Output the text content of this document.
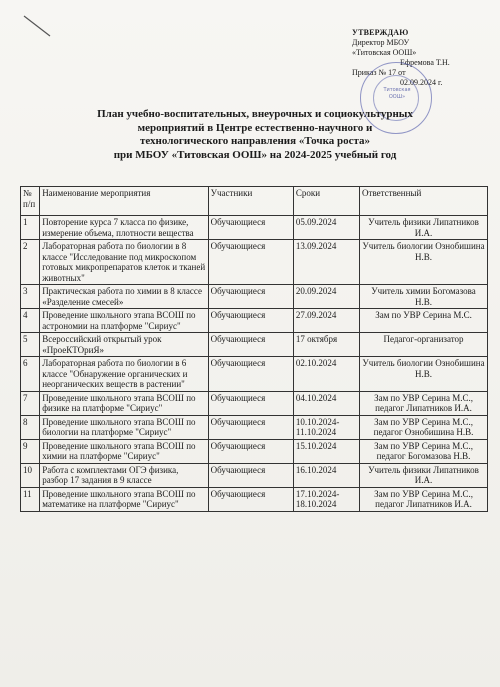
УТВЕРЖДАЮ
Директор МБОУ
«Титовская ООШ»
Ефремова Т.Н.
Приказ № 17 от
02.09.2024 г.
Титовская
ООШ»
План учебно-воспитательных, внеурочных и социокультурных
мероприятий в Центре естественно-научного и
технологического направления «Точка роста»
при МБОУ «Титовская ООШ» на 2024-2025 учебный год
№ п/п	Наименование мероприятия	Участники	Сроки	Ответственный
1	Повторение курса 7 класса по физике, измерение объема, плотности вещества	Обучающиеся	05.09.2024	Учитель физики Липатников И.А.
2	Лабораторная работа по биологии в 8 классе "Исследование под микроскопом готовых микропрепаратов клеток и тканей животных"	Обучающиеся	13.09.2024	Учитель биологии Ознобишина Н.В.
3	Практическая работа по химии в 8 классе «Разделение смесей»	Обучающиеся	20.09.2024	Учитель химии Богомазова Н.В.
4	Проведение школьного этапа ВСОШ по астрономии на платформе "Сириус"	Обучающиеся	27.09.2024	Зам по УВР Серина М.С.
5	Всероссийский открытый урок «ПроеКТОриЯ»	Обучающиеся	17 октября	Педагог-организатор
6	Лабораторная работа по биологии в 6 классе "Обнаружение органических и неорганических веществ в растении"	Обучающиеся	02.10.2024	Учитель биологии Ознобишина Н.В.
7	Проведение школьного этапа ВСОШ по физике на платформе "Сириус"	Обучающиеся	04.10.2024	Зам по УВР Серина М.С., педагог Липатников И.А.
8	Проведение школьного этапа ВСОШ по биологии на платформе "Сириус"	Обучающиеся	10.10.2024-11.10.2024	Зам по УВР Серина М.С., педагог Ознобишина Н.В.
9	Проведение школьного этапа ВСОШ по химии на платформе "Сириус"	Обучающиеся	15.10.2024	Зам по УВР Серина М.С., педагог Богомазова Н.В.
10	Работа с комплектами ОГЭ физика, разбор 17 задания в 9 классе	Обучающиеся	16.10.2024	Учитель физики Липатников И.А.
11	Проведение школьного этапа ВСОШ по математике на платформе "Сириус"	Обучающиеся	17.10.2024-18.10.2024	Зам по УВР Серина М.С., педагог Липатников И.А.
